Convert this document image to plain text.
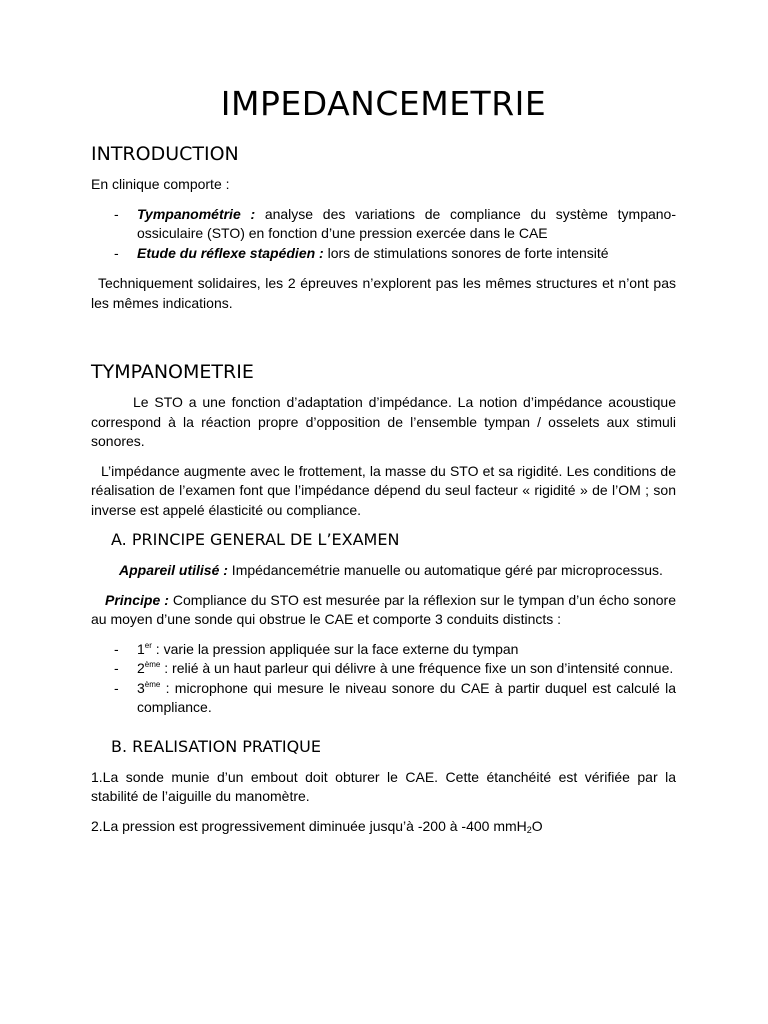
IMPEDANCEMETRIE
INTRODUCTION

En clinique comporte :

- Tympanométrie : analyse des variations de compliance du système tympano-ossiculaire (STO) en fonction d’une pression exercée dans le CAE
- Etude du réflexe stapédien : lors de stimulations sonores de forte intensité

Techniquement solidaires, les 2 épreuves n’explorent pas les mêmes structures et n’ont pas les mêmes indications.

TYMPANOMETRIE

Le STO a une fonction d’adaptation d’impédance. La notion d’impédance acoustique correspond à la réaction propre d’opposition de l’ensemble tympan / osselets aux stimuli sonores.

L’impédance augmente avec le frottement, la masse du STO et sa rigidité. Les conditions de réalisation de l’examen font que l’impédance dépend du seul facteur « rigidité » de l’OM ; son inverse est appelé élasticité ou compliance.

A. PRINCIPE GENERAL DE L’EXAMEN

Appareil utilisé : Impédancemétrie manuelle ou automatique géré par microprocessus.

Principe : Compliance du STO est mesurée par la réflexion sur le tympan d’un écho sonore au moyen d’une sonde qui obstrue le CAE et comporte 3 conduits distincts :

- 1er : varie la pression appliquée sur la face externe du tympan
- 2ème : relié à un haut parleur qui délivre à une fréquence fixe un son d’intensité connue.
- 3ème : microphone qui mesure le niveau sonore du CAE à partir duquel est calculé la compliance.
B. REALISATION PRATIQUE

1.La sonde munie d’un embout doit obturer le CAE. Cette étanchéité est vérifiée par la stabilité de l’aiguille du manomètre.

2.La pression est progressivement diminuée jusqu’à -200 à -400 mmH$_2$O
